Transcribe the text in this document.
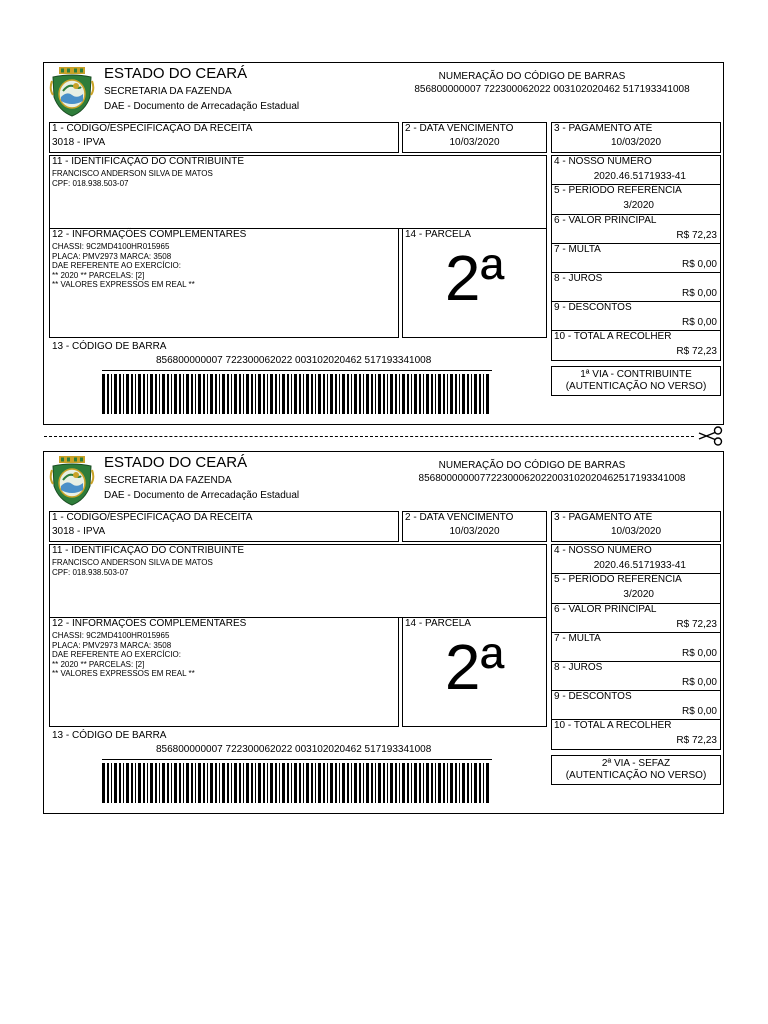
ESTADO DO CEARÁ
SECRETARIA DA FAZENDA
DAE - Documento de Arrecadação Estadual
NUMERAÇÃO DO CÓDIGO DE BARRAS
856800000007 722300062022 003102020462 517193341008
1 - CÓDIGO/ESPECIFICAÇÃO DA RECEITA
3018 - IPVA
2 - DATA VENCIMENTO
10/03/2020
3 - PAGAMENTO ATÉ
10/03/2020
11 - IDENTIFICAÇÃO DO CONTRIBUINTE
FRANCISCO ANDERSON SILVA DE MATOS
CPF: 018.938.503-07
12 - INFORMAÇÕES COMPLEMENTARES
CHASSI: 9C2MD4100HR015965
PLACA: PMV2973 MARCA: 3508
DAE REFERENTE AO EXERCÍCIO:
** 2020 ** PARCELAS: [2]
** VALORES EXPRESSOS EM REAL **
14 - PARCELA
2ª
4 - NOSSO NÚMERO
2020.46.5171933-41
5 - PERÍODO REFERÊNCIA
3/2020
6 - VALOR PRINCIPAL
R$ 72,23
7 - MULTA
R$ 0,00
8 - JUROS
R$ 0,00
9 - DESCONTOS
R$ 0,00
10 - TOTAL A RECOLHER
R$ 72,23
13 - CÓDIGO DE BARRA
856800000007 722300062022 003102020462 517193341008
1ª VIA - CONTRIBUINTE
(AUTENTICAÇÃO NO VERSO)
ESTADO DO CEARÁ
SECRETARIA DA FAZENDA
DAE - Documento de Arrecadação Estadual
NUMERAÇÃO DO CÓDIGO DE BARRAS
856800000007722300062022003102020462517193341008
1 - CÓDIGO/ESPECIFICAÇÃO DA RECEITA
3018 - IPVA
2 - DATA VENCIMENTO
10/03/2020
3 - PAGAMENTO ATÉ
10/03/2020
11 - IDENTIFICAÇÃO DO CONTRIBUINTE
FRANCISCO ANDERSON SILVA DE MATOS
CPF: 018.938.503-07
12 - INFORMAÇÕES COMPLEMENTARES
CHASSI: 9C2MD4100HR015965
PLACA: PMV2973 MARCA: 3508
DAE REFERENTE AO EXERCÍCIO:
** 2020 ** PARCELAS: [2]
** VALORES EXPRESSOS EM REAL **
14 - PARCELA
2ª
4 - NOSSO NÚMERO
2020.46.5171933-41
5 - PERÍODO REFERÊNCIA
3/2020
6 - VALOR PRINCIPAL
R$ 72,23
7 - MULTA
R$ 0,00
8 - JUROS
R$ 0,00
9 - DESCONTOS
R$ 0,00
10 - TOTAL A RECOLHER
R$ 72,23
13 - CÓDIGO DE BARRA
856800000007 722300062022 003102020462 517193341008
2ª VIA - SEFAZ
(AUTENTICAÇÃO NO VERSO)
